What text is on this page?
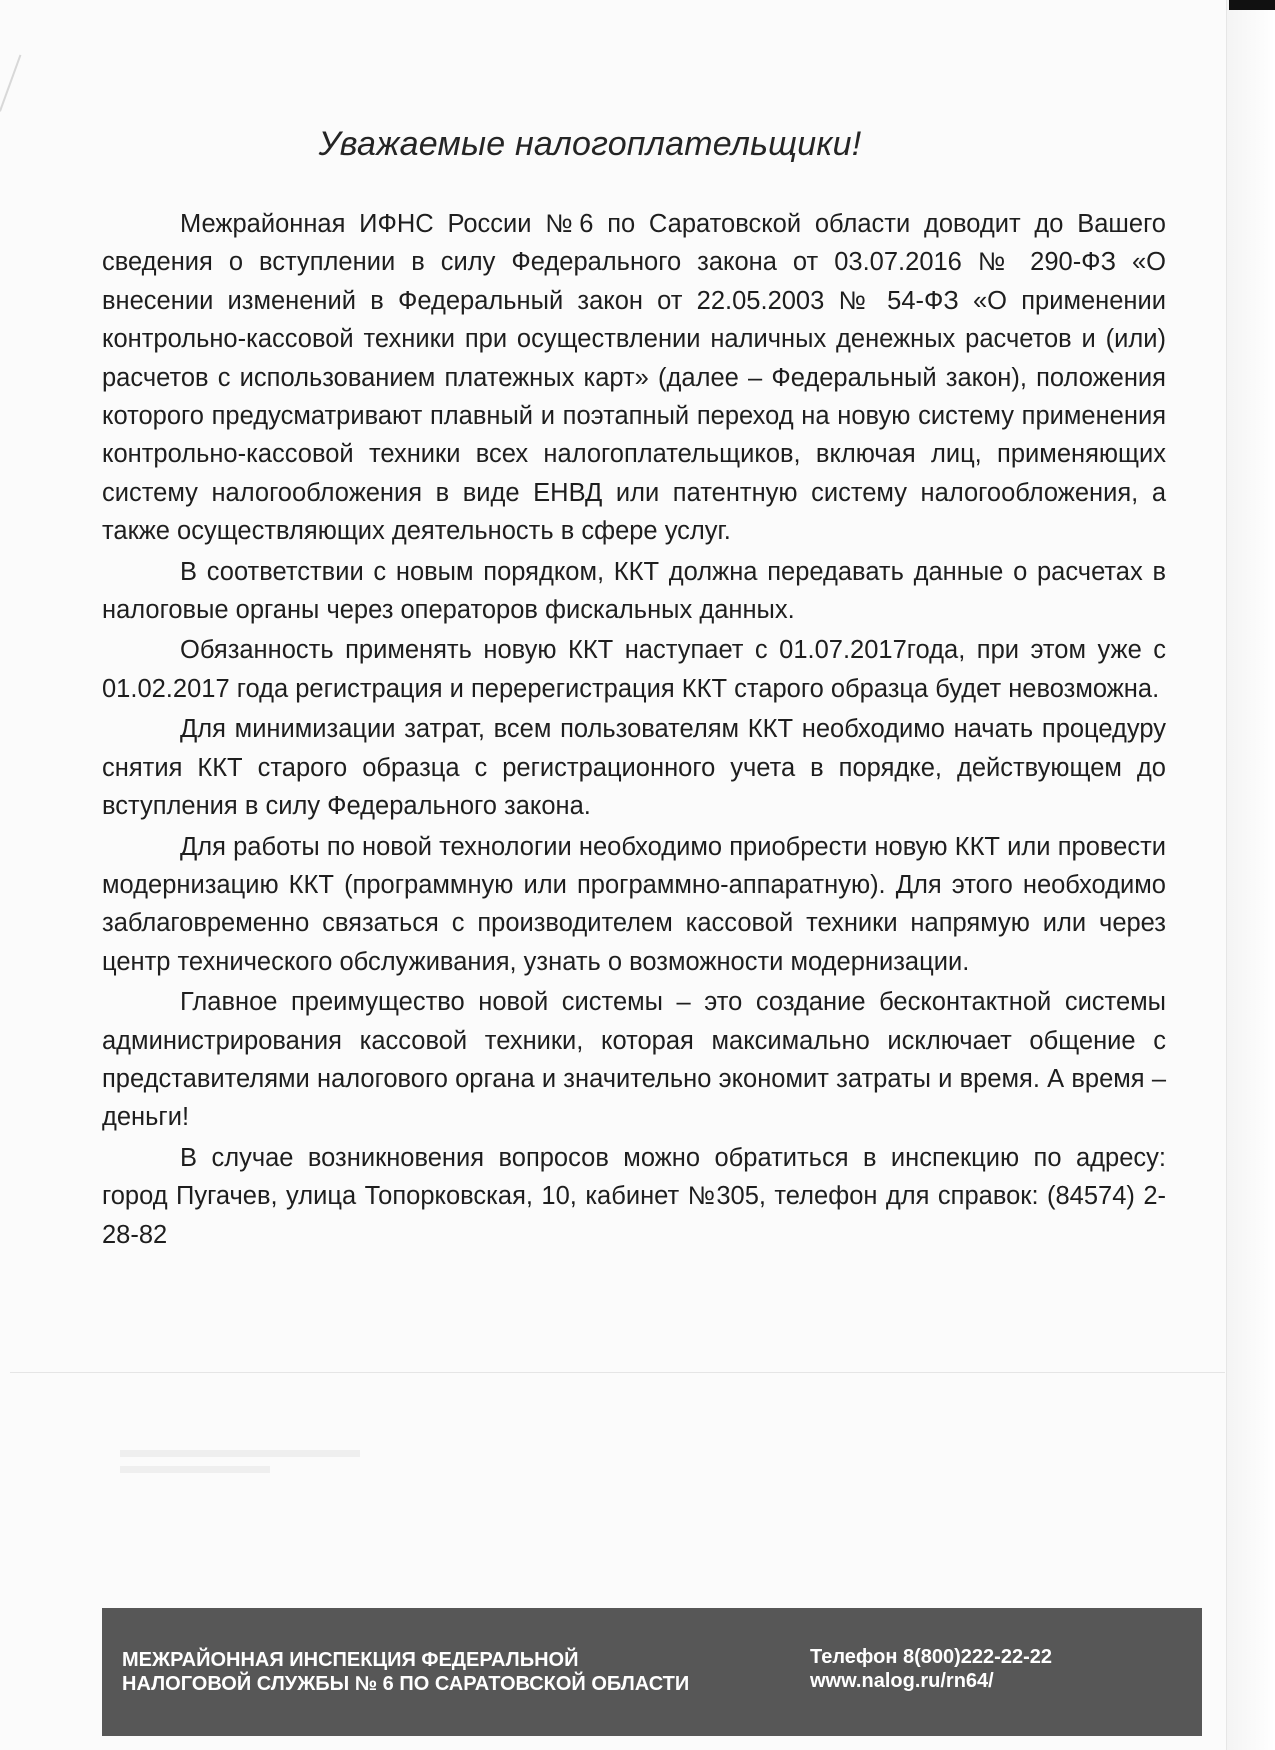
Уважаемые налогоплательщики!

Межрайонная ИФНС России №6 по Саратовской области доводит до Вашего сведения о вступлении в силу Федерального закона от 03.07.2016 № 290-ФЗ «О внесении изменений в Федеральный закон от 22.05.2003 № 54-ФЗ «О применении контрольно-кассовой техники при осуществлении наличных денежных расчетов и (или) расчетов с использованием платежных карт» (далее – Федеральный закон), положения которого предусматривают плавный и поэтапный переход на новую систему применения контрольно-кассовой техники всех налогоплательщиков, включая лиц, применяющих систему налогообложения в виде ЕНВД или патентную систему налогообложения, а также осуществляющих деятельность в сфере услуг.

В соответствии с новым порядком, ККТ должна передавать данные о расчетах в налоговые органы через операторов фискальных данных.

Обязанность применять новую ККТ наступает с 01.07.2017года, при этом уже с 01.02.2017 года регистрация и перерегистрация ККТ старого образца будет невозможна.

Для минимизации затрат, всем пользователям ККТ необходимо начать процедуру снятия ККТ старого образца с регистрационного учета в порядке, действующем до вступления в силу Федерального закона.

Для работы по новой технологии необходимо приобрести новую ККТ или провести модернизацию ККТ (программную или программно-аппаратную). Для этого необходимо заблаговременно связаться с производителем кассовой техники напрямую или через центр технического обслуживания, узнать о возможности модернизации.

Главное преимущество новой системы – это создание бесконтактной системы администрирования кассовой техники, которая максимально исключает общение с представителями налогового органа и значительно экономит затраты и время. А время – деньги!

В случае возникновения вопросов можно обратиться в инспекцию по адресу: город Пугачев, улица Топорковская, 10, кабинет №305, телефон для справок: (84574) 2-28-82

МЕЖРАЙОННАЯ ИНСПЕКЦИЯ ФЕДЕРАЛЬНОЙ
НАЛОГОВОЙ СЛУЖБЫ № 6 ПО САРАТОВСКОЙ ОБЛАСТИ
Телефон 8(800)222-22-22
www.nalog.ru/rn64/
